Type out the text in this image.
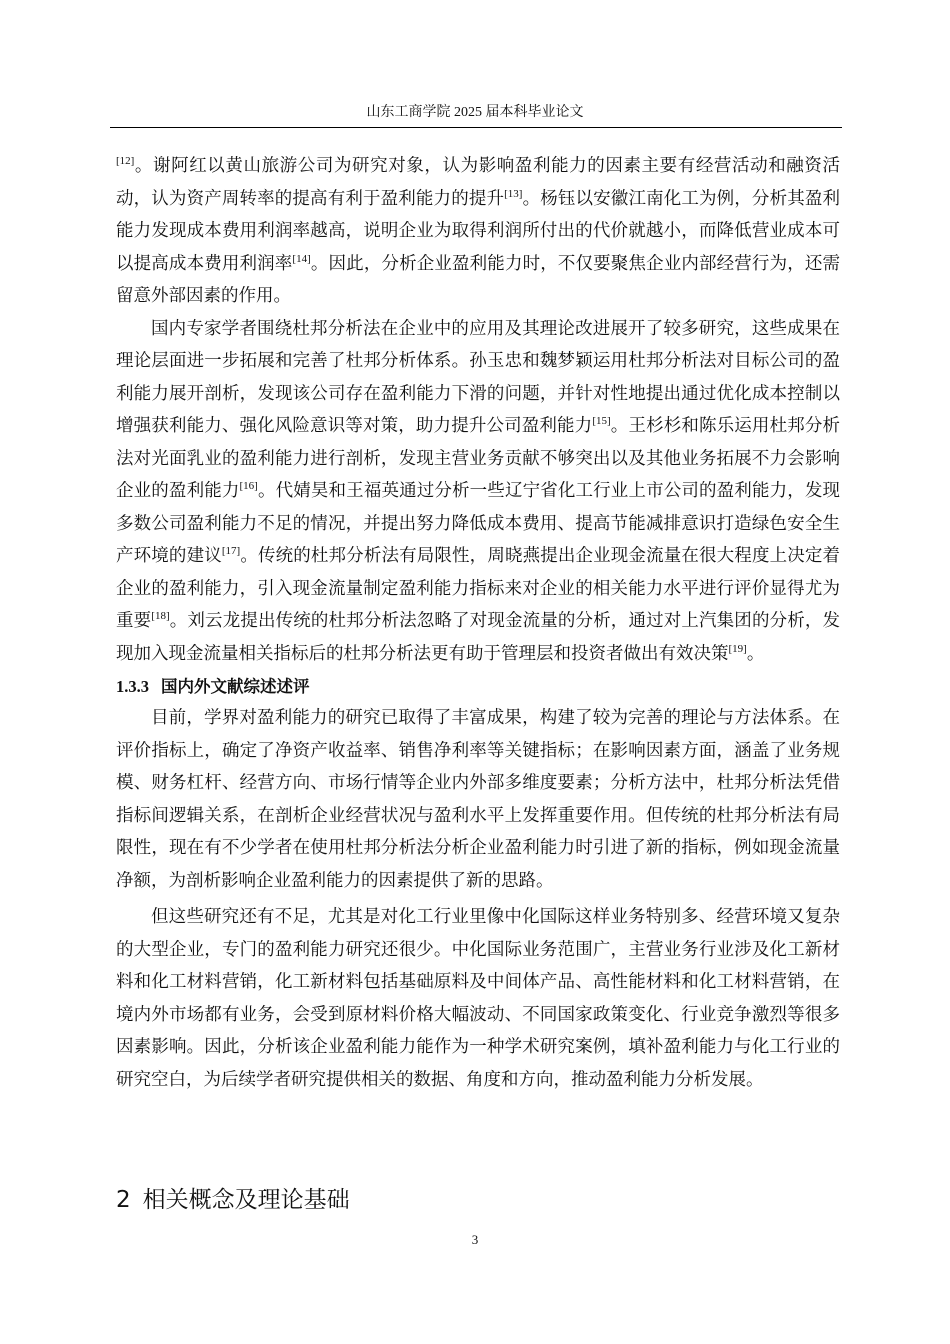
山东工商学院 2025 届本科毕业论文

[12]。谢阿红以黄山旅游公司为研究对象，认为影响盈利能力的因素主要有经营活动和融资活动，认为资产周转率的提高有利于盈利能力的提升[13]。杨钰以安徽江南化工为例，分析其盈利能力发现成本费用利润率越高，说明企业为取得利润所付出的代价就越小，而降低营业成本可以提高成本费用利润率[14]。因此，分析企业盈利能力时，不仅要聚焦企业内部经营行为，还需留意外部因素的作用。

国内专家学者围绕杜邦分析法在企业中的应用及其理论改进展开了较多研究，这些成果在理论层面进一步拓展和完善了杜邦分析体系。孙玉忠和魏梦颖运用杜邦分析法对目标公司的盈利能力展开剖析，发现该公司存在盈利能力下滑的问题，并针对性地提出通过优化成本控制以增强获利能力、强化风险意识等对策，助力提升公司盈利能力[15]。王杉杉和陈乐运用杜邦分析法对光面乳业的盈利能力进行剖析，发现主营业务贡献不够突出以及其他业务拓展不力会影响企业的盈利能力[16]。代婧昊和王福英通过分析一些辽宁省化工行业上市公司的盈利能力，发现多数公司盈利能力不足的情况，并提出努力降低成本费用、提高节能减排意识打造绿色安全生产环境的建议[17]。传统的杜邦分析法有局限性，周晓燕提出企业现金流量在很大程度上决定着企业的盈利能力，引入现金流量制定盈利能力指标来对企业的相关能力水平进行评价显得尤为重要[18]。刘云龙提出传统的杜邦分析法忽略了对现金流量的分析，通过对上汽集团的分析，发现加入现金流量相关指标后的杜邦分析法更有助于管理层和投资者做出有效决策[19]。

1.3.3 国内外文献综述述评

目前，学界对盈利能力的研究已取得了丰富成果，构建了较为完善的理论与方法体系。在评价指标上，确定了净资产收益率、销售净利率等关键指标；在影响因素方面，涵盖了业务规模、财务杠杆、经营方向、市场行情等企业内外部多维度要素；分析方法中，杜邦分析法凭借指标间逻辑关系，在剖析企业经营状况与盈利水平上发挥重要作用。但传统的杜邦分析法有局限性，现在有不少学者在使用杜邦分析法分析企业盈利能力时引进了新的指标，例如现金流量净额，为剖析影响企业盈利能力的因素提供了新的思路。

但这些研究还有不足，尤其是对化工行业里像中化国际这样业务特别多、经营环境又复杂的大型企业，专门的盈利能力研究还很少。中化国际业务范围广，主营业务行业涉及化工新材料和化工材料营销，化工新材料包括基础原料及中间体产品、高性能材料和化工材料营销，在境内外市场都有业务，会受到原材料价格大幅波动、不同国家政策变化、行业竞争激烈等很多因素影响。因此，分析该企业盈利能力能作为一种学术研究案例，填补盈利能力与化工行业的研究空白，为后续学者研究提供相关的数据、角度和方向，推动盈利能力分析发展。

2 相关概念及理论基础
3
